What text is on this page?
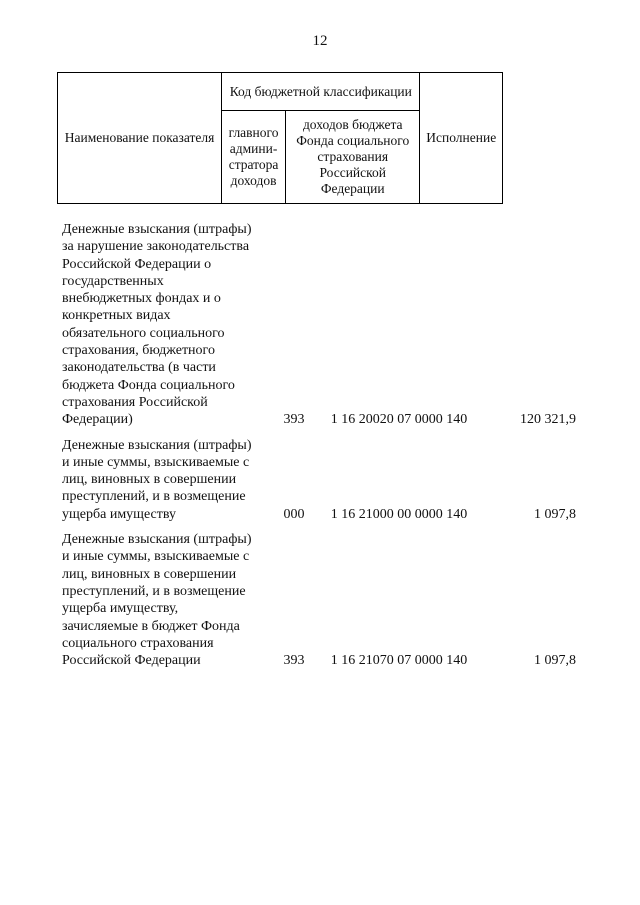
12
Наименование показателя	Код бюджетной классификации		Исполнение
	главного админи-стратора доходов	доходов бюджета Фонда социального страхования Российской Федерации	
Денежные взыскания (штрафы) за нарушение законодательства Российской Федерации о государственных внебюджетных фондах и о конкретных видах обязательного социального страхования, бюджетного законодательства (в части бюджета Фонда социального страхования Российской Федерации)	393	1 16 20020 07 0000 140	120 321,9
Денежные взыскания (штрафы) и иные суммы, взыскиваемые с лиц, виновных в совершении преступлений, и в возмещение ущерба имуществу	000	1 16 21000 00 0000 140	1 097,8
Денежные взыскания (штрафы) и иные суммы, взыскиваемые с лиц, виновных в совершении преступлений, и в возмещение ущерба имуществу, зачисляемые в бюджет Фонда социального страхования Российской Федерации	393	1 16 21070 07 0000 140	1 097,8
